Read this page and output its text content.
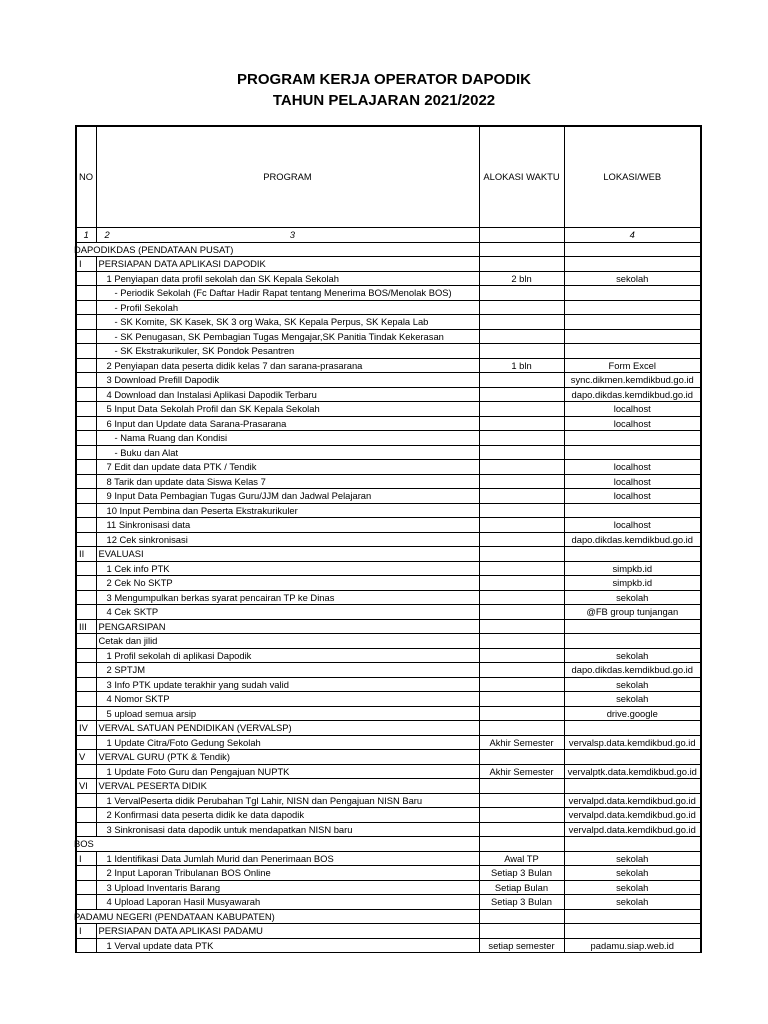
PROGRAM KERJA OPERATOR DAPODIK
TAHUN PELAJARAN 2021/2022
NO	PROGRAM	ALOKASI WAKTU	LOKASI/WEB
1	2 3		4
	DAPODIKDAS (PENDATAAN PUSAT)		
I	PERSIAPAN DATA APLIKASI DAPODIK		
	1 Penyiapan data profil sekolah dan SK Kepala Sekolah	2 bln	sekolah
	- Periodik Sekolah (Fc Daftar Hadir Rapat tentang Menerima BOS/Menolak BOS)		
	- Profil Sekolah		
	- SK Komite, SK Kasek, SK 3 org Waka, SK Kepala Perpus, SK Kepala Lab		
	- SK Penugasan, SK Pembagian Tugas Mengajar,SK Panitia Tindak Kekerasan		
	- SK Ekstrakurikuler, SK Pondok Pesantren		
	2 Penyiapan data peserta didik kelas 7 dan sarana-prasarana	1 bln	Form Excel
	3 Download Prefill Dapodik		sync.dikmen.kemdikbud.go.id
	4 Download dan Instalasi Aplikasi Dapodik Terbaru		dapo.dikdas.kemdikbud.go.id
	5 Input Data Sekolah Profil dan SK Kepala Sekolah		localhost
	6 Input dan Update data Sarana-Prasarana		localhost
	- Nama Ruang dan Kondisi		
	- Buku dan Alat		
	7 Edit dan update data PTK / Tendik		localhost
	8 Tarik dan update data Siswa Kelas 7		localhost
	9 Input Data Pembagian Tugas Guru/JJM dan Jadwal Pelajaran		localhost
	10 Input Pembina dan Peserta Ekstrakurikuler		
	11 Sinkronisasi data		localhost
	12 Cek sinkronisasi		dapo.dikdas.kemdikbud.go.id
II	EVALUASI		
	1 Cek info PTK		simpkb.id
	2 Cek No SKTP		simpkb.id
	3 Mengumpulkan berkas syarat pencairan TP ke Dinas		sekolah
	4 Cek SKTP		@FB group tunjangan
III	PENGARSIPAN		
	Cetak dan jilid		
	1 Profil sekolah di aplikasi Dapodik		sekolah
	2 SPTJM		dapo.dikdas.kemdikbud.go.id
	3 Info PTK update terakhir yang sudah valid		sekolah
	4 Nomor SKTP		sekolah
	5 upload semua arsip		drive.google
IV	VERVAL SATUAN PENDIDIKAN (VERVALSP)		
	1 Update Citra/Foto Gedung Sekolah	Akhir Semester	vervalsp.data.kemdikbud.go.id
V	VERVAL GURU (PTK & Tendik)		
	1 Update Foto Guru dan Pengajuan NUPTK	Akhir Semester	vervalptk.data.kemdikbud.go.id
VI	VERVAL PESERTA DIDIK		
	1 VervalPeserta didik Perubahan Tgl Lahir, NISN dan Pengajuan NISN Baru		vervalpd.data.kemdikbud.go.id
	2 Konfirmasi data peserta didik ke data dapodik		vervalpd.data.kemdikbud.go.id
	3 Sinkronisasi data dapodik untuk mendapatkan NISN baru		vervalpd.data.kemdikbud.go.id
	BOS		
I	1 Identifikasi Data Jumlah Murid dan Penerimaan BOS	Awal TP	sekolah
	2 Input Laporan Tribulanan BOS Online	Setiap 3 Bulan	sekolah
	3 Upload Inventaris Barang	Setiap Bulan	sekolah
	4 Upload Laporan Hasil Musyawarah	Setiap 3 Bulan	sekolah
	PADAMU NEGERI (PENDATAAN KABUPATEN)		
I	PERSIAPAN DATA APLIKASI PADAMU		
	1 Verval update data PTK	setiap semester	padamu.siap.web.id
